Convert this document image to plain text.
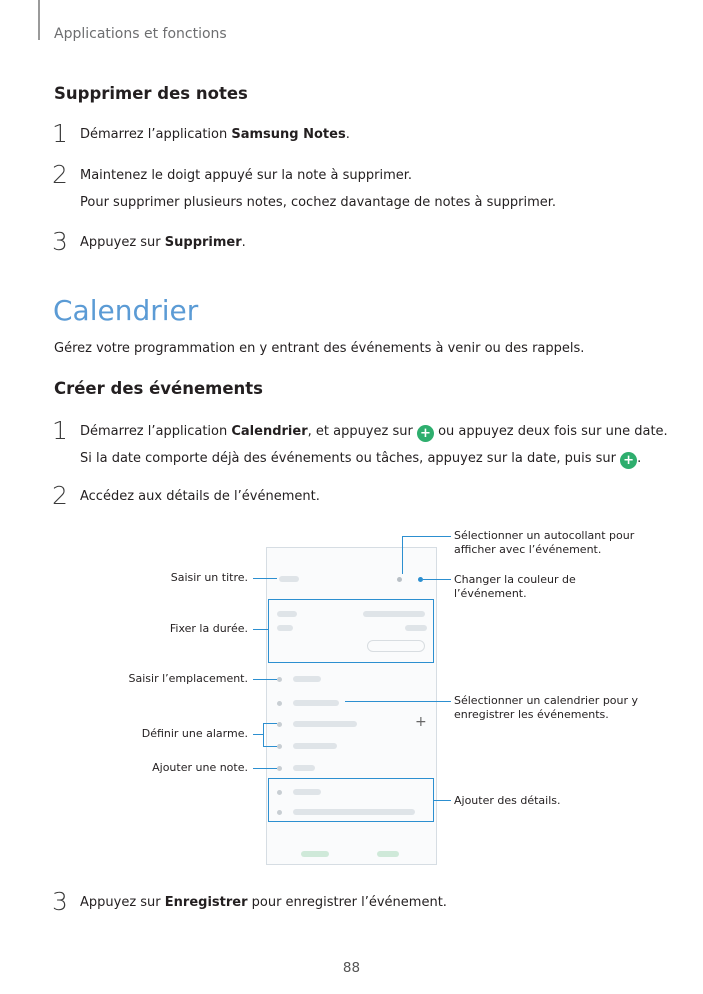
Applications et fonctions
Supprimer des notes
1 Démarrez l’application Samsung Notes.
2 Maintenez le doigt appuyé sur la note à supprimer.
Pour supprimer plusieurs notes, cochez davantage de notes à supprimer.
3 Appuyez sur Supprimer.
Calendrier
Gérez votre programmation en y entrant des événements à venir ou des rappels.
Créer des événements
1 Démarrez l’application Calendrier, et appuyez sur + ou appuyez deux fois sur une date.
Si la date comporte déjà des événements ou tâches, appuyez sur la date, puis sur + .
2 Accédez aux détails de l’événement.
+
Saisir un titre.
Fixer la durée.
Saisir l’emplacement.
Définir une alarme.
Ajouter une note.
Sélectionner un autocollant pour
afficher avec l’événement.
Changer la couleur de
l’événement.
Sélectionner un calendrier pour y
enregistrer les événements.
Ajouter des détails.
3 Appuyez sur Enregistrer pour enregistrer l’événement.
88
